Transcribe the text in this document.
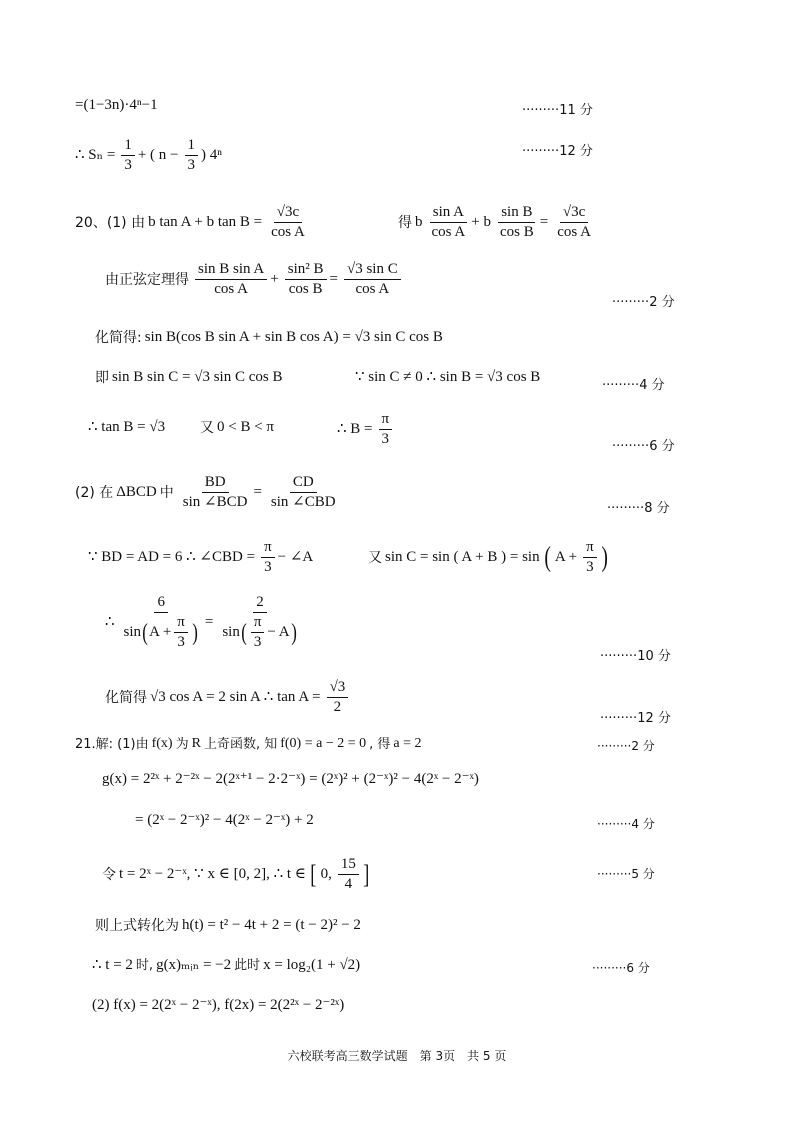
=(1−3n)·4ⁿ−1	·········11 分
∴ $S_n = \frac{1}{3}$ + ( $n - \frac{1}{3}$ ) 4ⁿ	·········12 分
20、(1) 由 b tan A + b $\tan B = \frac{√3c}{\text{cos A}}$	得 b $\frac{\text{sin A}}{\text{cos A}} + b \frac{\text{sin B}}{\text{cos B}} = \frac{√3c}{\text{cos A}}$
由正弦定理得 $\frac{\text{sin B sin A}}{\text{cos A}} + \frac{\text{sin² B}}{\text{cos B}} = \frac{\text{√3 sin C}}{\text{cos A}}$
·········2 分
化简得: sin B(cos B sin A + sin B cos A) = √3 sin C cos B
即 sin B sin C = √3 sin C cos B	∵ sin C ≠ 0 ∴ sin B = √3 cos B
·········4 分
∴ tan B = √3 又 0 < B < π	∴ $B = \frac{\pi}{3}$	·········6 分
(2) 在 ΔBCD 中 $\frac{BD}{\text{sin ∠BCD}} = \frac{CD}{\text{sin ∠CBD}}$	·········8 分
∵ BD = AD = 6 ∴ ∠CBD = $\frac{\pi}{3}$ − ∠A	又 sin C = sin ( A + B ) = sin ( $A + \frac{\pi}{3}$ )
∴ $\frac{6}{\sin ( A + \frac{\pi}{3} )} = \frac{2}{\sin ( \frac{\pi}{3} - A )}$
·········10 分
化简得 √3 cos A = 2 sin A ∴ $\tan A = \frac{√3}{2}$
·········12 分
21.解: (1)由 f(x) 为 R 上奇函数, 知 f(0) = a − 2 = 0 , 得 a = 2	·········2 分
g(x) = 2²ˣ + 2⁻²ˣ − 2(2ˣ⁺¹ − 2·2⁻ˣ) = (2ˣ)² + (2⁻ˣ)² − 4(2ˣ − 2⁻ˣ)
= (2ˣ − 2⁻ˣ)² − 4(2ˣ − 2⁻ˣ) + 2	·········4 分
令 t = 2ˣ − 2⁻ˣ, ∵ x ∈ [0, 2], ∴ t ∈ [ 0, $\frac{15}{4}$ ]	·········5 分
则上式转化为 h(t) = t² − 4t + 2 = (t − 2)² − 2
∴ t = 2 时, g(x)ₘᵢₙ = −2 此时 x = log₂(1 + √2)	·········6 分
(2) f(x) = 2(2ˣ − 2⁻ˣ), f(2x) = 2(2²ˣ − 2⁻²ˣ)
六校联考高三数学试题　第 3页　共 5 页
